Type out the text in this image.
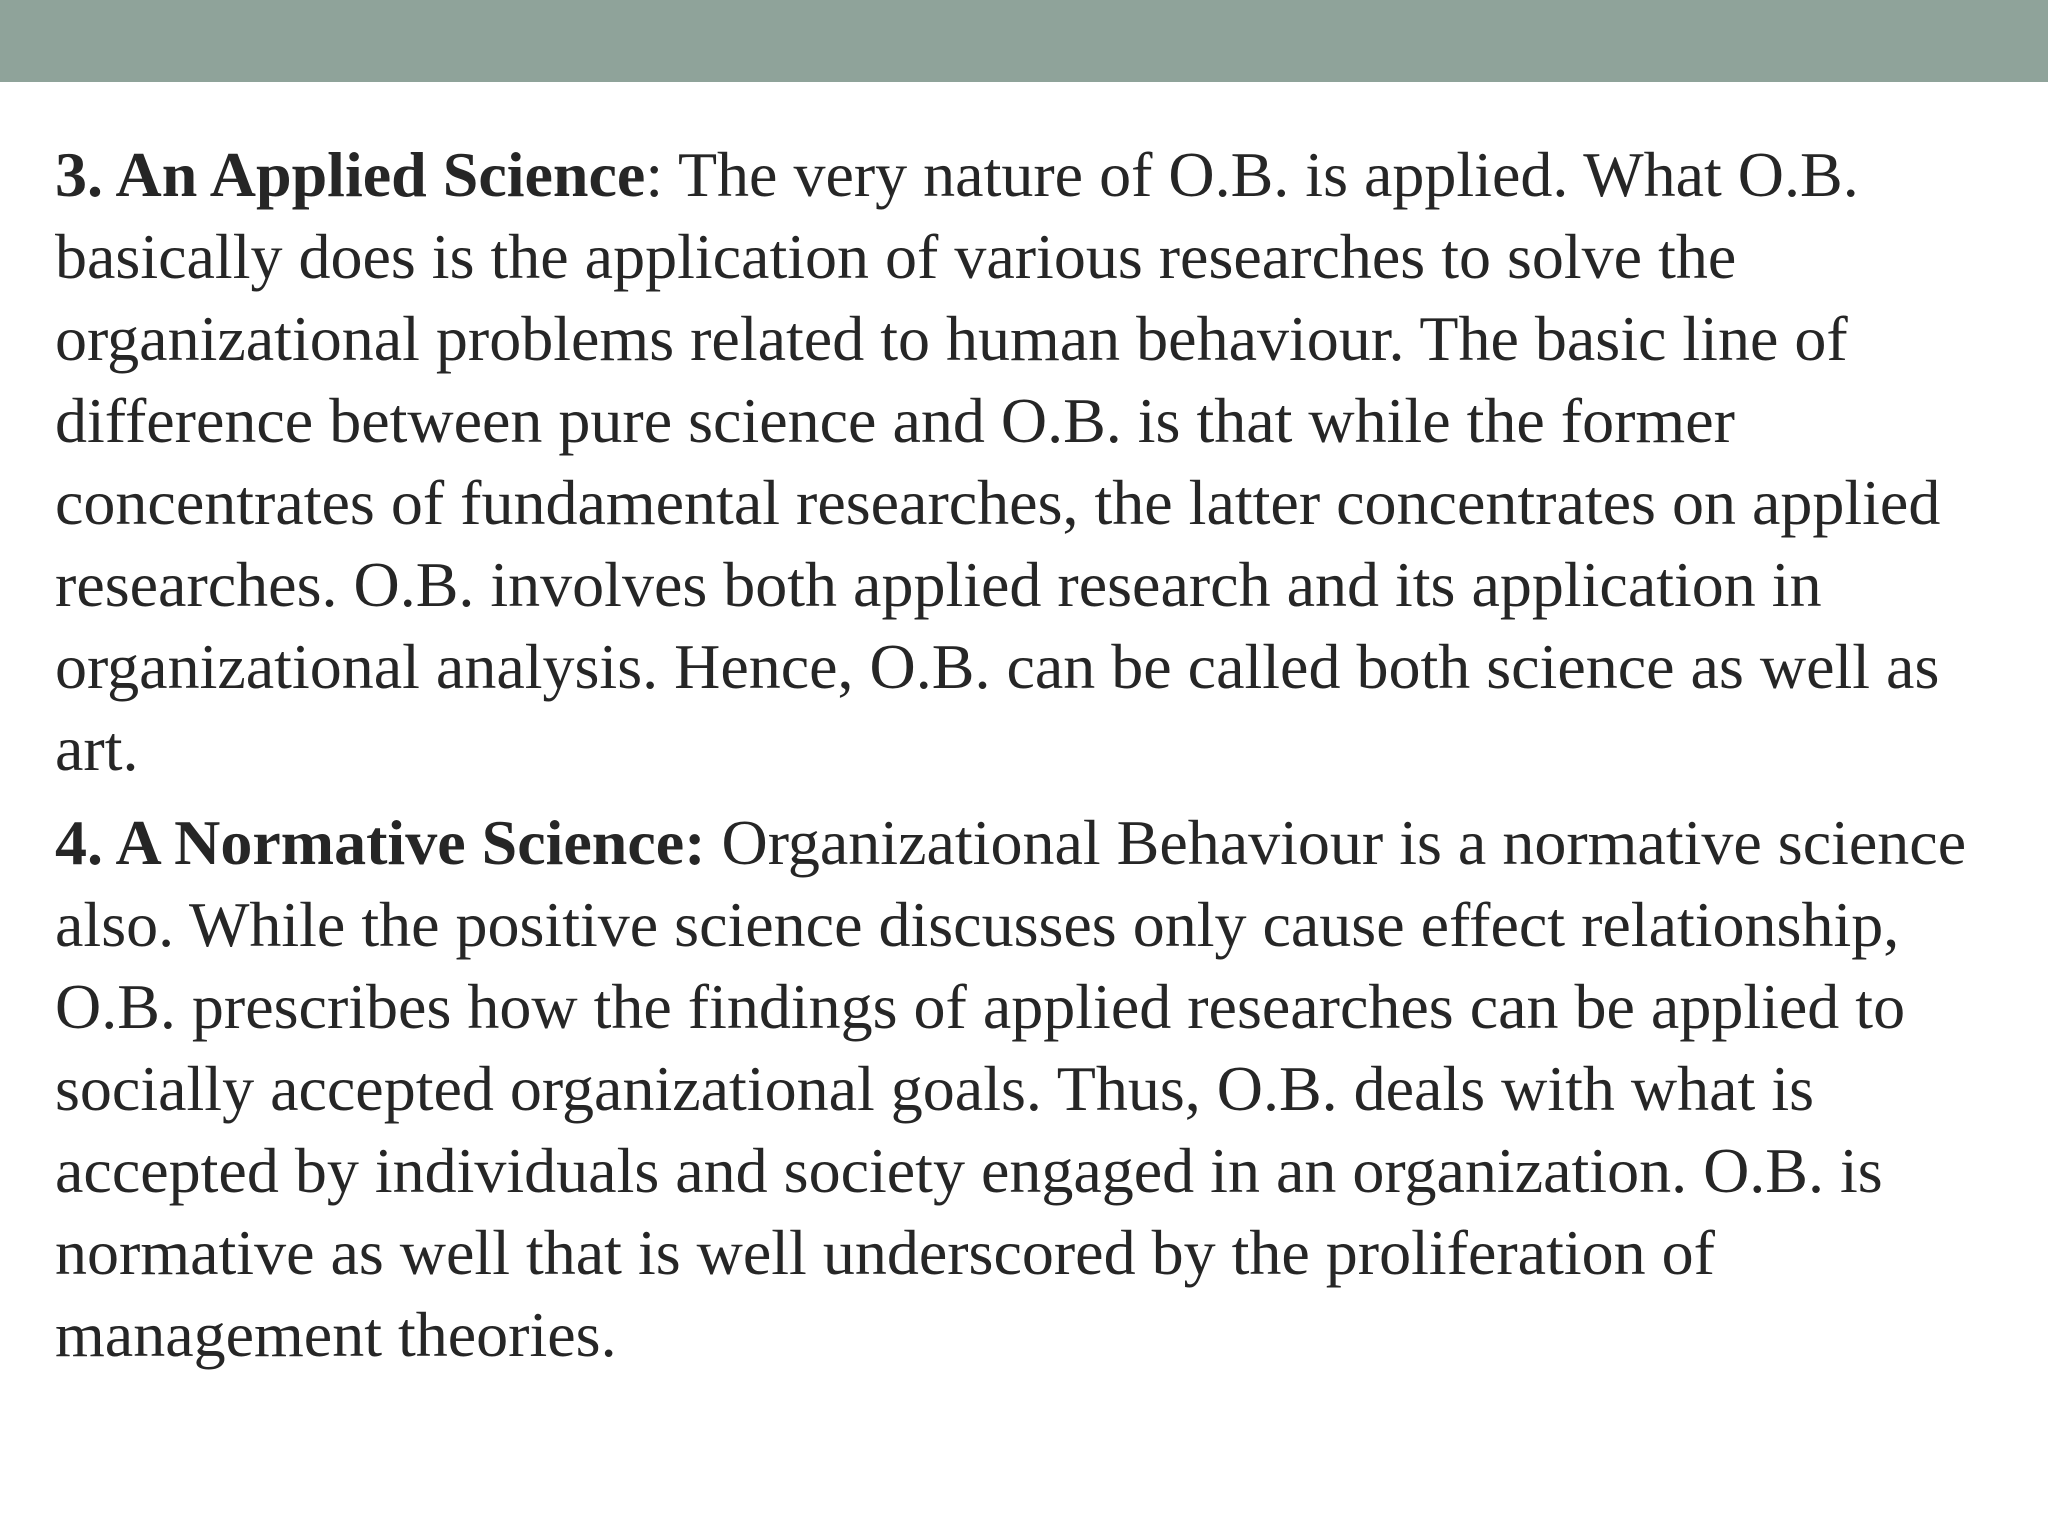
3. An Applied Science: The very nature of O.B. is applied. What O.B. basically does is the application of various researches to solve the organizational problems related to human behaviour. The basic line of difference between pure science and O.B. is that while the former concentrates of fundamental researches, the latter concentrates on applied researches. O.B. involves both applied research and its application in organizational analysis. Hence, O.B. can be called both science as well as art.

4. A Normative Science: Organizational Behaviour is a normative science also. While the positive science discusses only cause effect relationship, O.B. prescribes how the findings of applied researches can be applied to socially accepted organizational goals. Thus, O.B. deals with what is accepted by individuals and society engaged in an organization. O.B. is normative as well that is well underscored by the proliferation of management theories.
